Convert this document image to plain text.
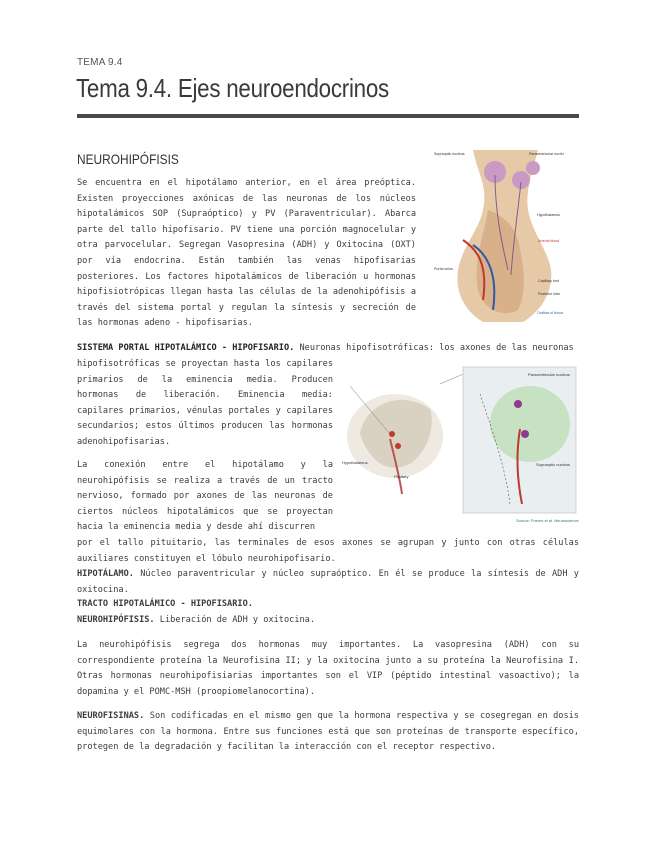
TEMA 9.4
Tema 9.4. Ejes neuroendocrinos
NEUROHIPÓFISIS

Se encuentra en el hipotálamo anterior, en el área preóptica. Existen proyecciones axónicas de las neuronas de los núcleos hipotalámicos SOP (Supraóptico) y PV (Paraventricular). Abarca parte del tallo hipofisario. PV tiene una porción magnocelular y otra parvocelular. Segregan Vasopresina (ADH) y Oxitocina (OXT) por vía endocrina. Están también las venas hipofisarias posteriores. Los factores hipotalámicos de liberación u hormonas hipofisiotrópicas llegan hasta las células de la adenohipófisis a través del sistema portal y regulan la síntesis y secreción de las hormonas adeno - hipofisarias.

Supraoptic nucleus	Paraventricular nuclei
Hypothalamus
Arterial blood
Outflow of blood
Capillary bed
Posterior lobe
Portal veins

SISTEMA PORTAL HIPOTALÁMICO - HIPOFISARIO. Neuronas hipofisotróficas: los axones de las neuronas

hipofisotróficas se proyectan hasta los capilares primarios de la eminencia media. Producen hormonas de liberación. Eminencia media: capilares primarios, vénulas portales y capilares secundarios; estos últimos producen las hormonas adenohipofisarias.

La conexión entre el hipotálamo y la neurohipófisis se realiza a través de un tracto nervioso, formado por axones de las neuronas de ciertos núcleos hipotalámicos que se proyectan hacia la eminencia media y desde ahí discurren

Paraventricular nucleus
Supraoptic nucleus
Hypothalamus
Pituitary
Source: Purves et al. Neuroscience

por el tallo pituitario, las terminales de esos axones se agrupan y junto con otras células auxiliares constituyen el lóbulo neurohipofisario.

HIPOTÁLAMO. Núcleo paraventricular y núcleo supraóptico. En él se produce la síntesis de ADH y oxitocina.

TRACTO HIPOTALÁMICO - HIPOFISARIO.

NEUROHIPÓFISIS. Liberación de ADH y oxitocina.

La neurohipófisis segrega dos hormonas muy importantes. La vasopresina (ADH) con su correspondiente proteína la Neurofisina II; y la oxitocina junto a su proteína la Neurofisina I. Otras hormonas neurohipofisiarias importantes son el VIP (péptido intestinal vasoactivo); la dopamina y el POMC-MSH (proopiomelanocortina).

NEUROFISINAS. Son codificadas en el mismo gen que la hormona respectiva y se cosegregan en dosis equimolares con la hormona. Entre sus funciones está que son proteínas de transporte específico, protegen de la degradación y facilitan la interacción con el receptor respectivo.
